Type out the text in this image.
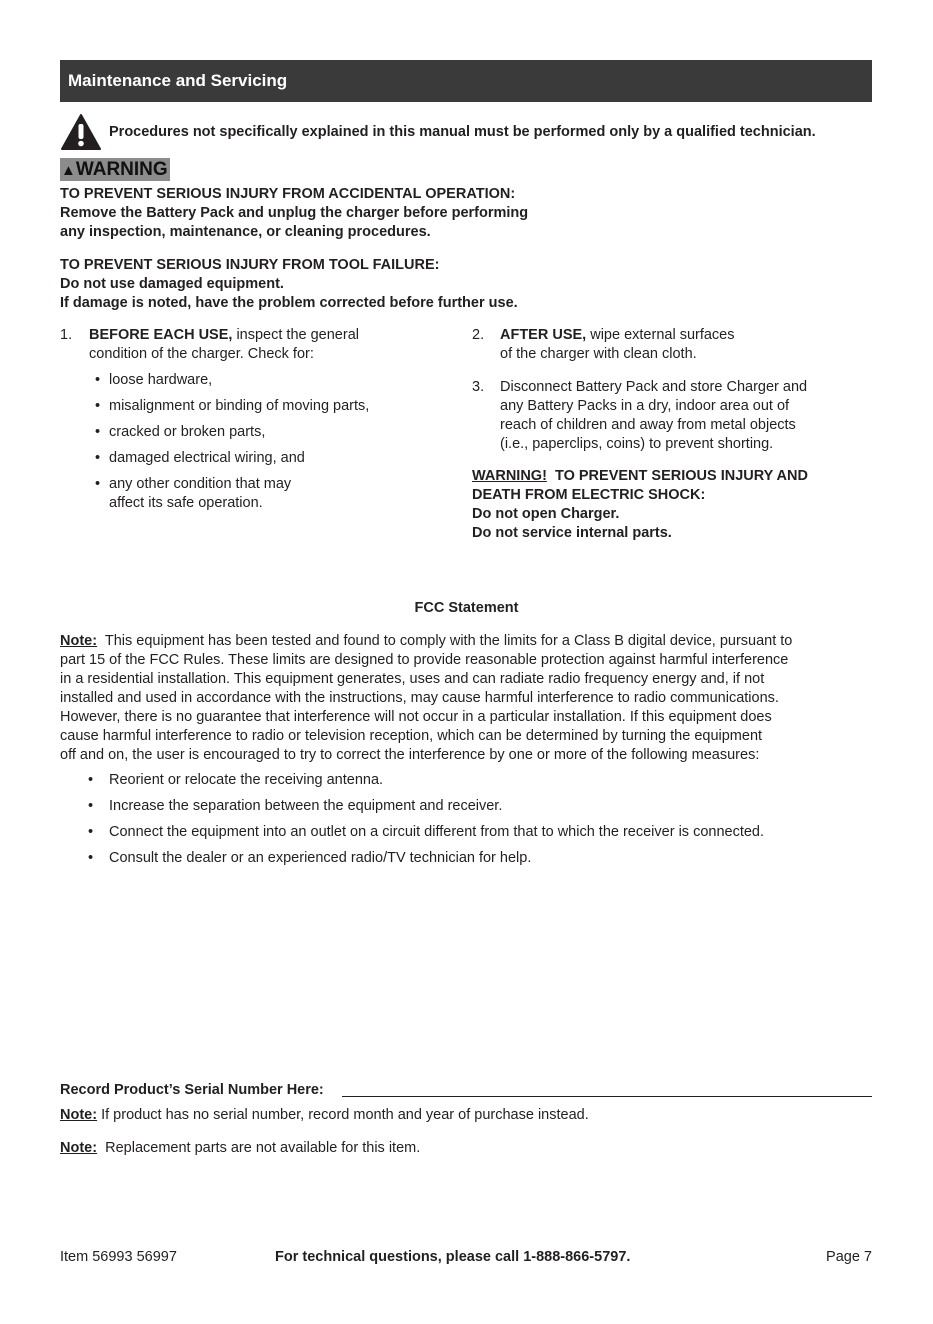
Maintenance and Servicing
Procedures not specifically explained in this manual must be performed only by a qualified technician.
▲WARNING
TO PREVENT SERIOUS INJURY FROM ACCIDENTAL OPERATION:
Remove the Battery Pack and unplug the charger before performing
any inspection, maintenance, or cleaning procedures.
TO PREVENT SERIOUS INJURY FROM TOOL FAILURE:
Do not use damaged equipment.
If damage is noted, have the problem corrected before further use.
1. BEFORE EACH USE, inspect the general
condition of the charger. Check for:
• loose hardware,
• misalignment or binding of moving parts,
• cracked or broken parts,
• damaged electrical wiring, and
• any other condition that may
affect its safe operation.
2. AFTER USE, wipe external surfaces
of the charger with clean cloth.
3. Disconnect Battery Pack and store Charger and
any Battery Packs in a dry, indoor area out of
reach of children and away from metal objects
(i.e., paperclips, coins) to prevent shorting.
WARNING!  TO PREVENT SERIOUS INJURY AND
DEATH FROM ELECTRIC SHOCK:
Do not open Charger.
Do not service internal parts.
FCC Statement
Note:  This equipment has been tested and found to comply with the limits for a Class B digital device, pursuant to
part 15 of the FCC Rules. These limits are designed to provide reasonable protection against harmful interference
in a residential installation. This equipment generates, uses and can radiate radio frequency energy and, if not
installed and used in accordance with the instructions, may cause harmful interference to radio communications.
However, there is no guarantee that interference will not occur in a particular installation. If this equipment does
cause harmful interference to radio or television reception, which can be determined by turning the equipment
off and on, the user is encouraged to try to correct the interference by one or more of the following measures:
• Reorient or relocate the receiving antenna.
• Increase the separation between the equipment and receiver.
• Connect the equipment into an outlet on a circuit different from that to which the receiver is connected.
• Consult the dealer or an experienced radio/TV technician for help.
Record Product’s Serial Number Here:
Note: If product has no serial number, record month and year of purchase instead.
Note:  Replacement parts are not available for this item.
Item 56993 56997	For technical questions, please call 1-888-866-5797.	Page 7
